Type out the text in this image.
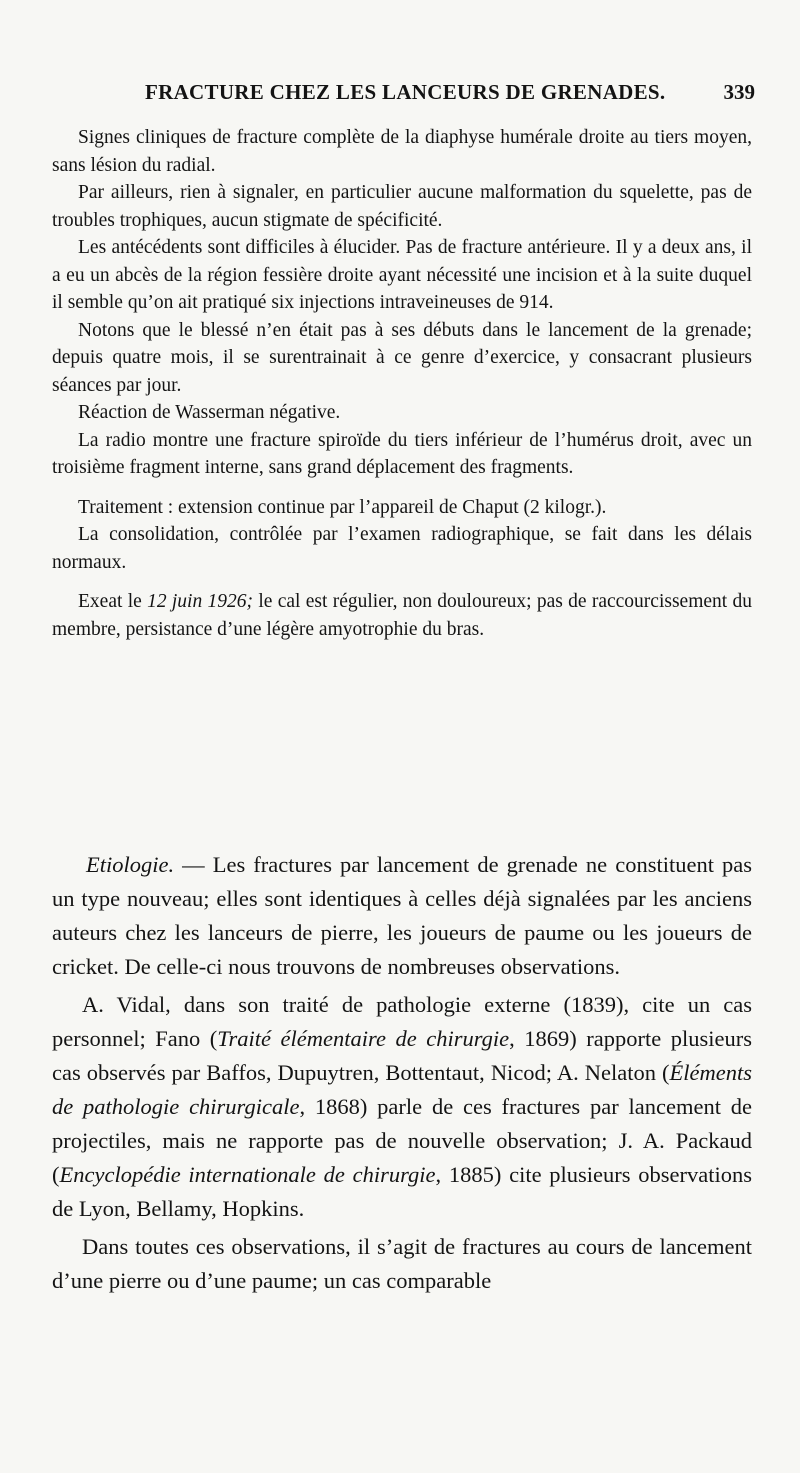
FRACTURE CHEZ LES LANCEURS DE GRENADES.	339

Signes cliniques de fracture complète de la diaphyse humérale droite au tiers moyen, sans lésion du radial.

Par ailleurs, rien à signaler, en particulier aucune malformation du squelette, pas de troubles trophiques, aucun stigmate de spécificité.

Les antécédents sont difficiles à élucider. Pas de fracture antérieure. Il y a deux ans, il a eu un abcès de la région fessière droite ayant nécessité une incision et à la suite duquel il semble qu’on ait pratiqué six injections intraveineuses de 914.

Notons que le blessé n’en était pas à ses débuts dans le lancement de la grenade; depuis quatre mois, il se surentrainait à ce genre d’exercice, y consacrant plusieurs séances par jour.

Réaction de Wasserman négative.

La radio montre une fracture spiroïde du tiers inférieur de l’humérus droit, avec un troisième fragment interne, sans grand déplacement des fragments.

Traitement : extension continue par l’appareil de Chaput (2 kilogr.).

La consolidation, contrôlée par l’examen radiographique, se fait dans les délais normaux.

Exeat le 12 juin 1926; le cal est régulier, non douloureux; pas de raccourcissement du membre, persistance d’une légère amyotrophie du bras.

Etiologie. — Les fractures par lancement de grenade ne constituent pas un type nouveau; elles sont identiques à celles déjà signalées par les anciens auteurs chez les lanceurs de pierre, les joueurs de paume ou les joueurs de cricket. De celle-ci nous trouvons de nombreuses observations.

A. Vidal, dans son traité de pathologie externe (1839), cite un cas personnel; Fano (Traité élémentaire de chirurgie, 1869) rapporte plusieurs cas observés par Baffos, Dupuytren, Bottentaut, Nicod; A. Nelaton (Éléments de pathologie chirurgicale, 1868) parle de ces fractures par lancement de projectiles, mais ne rapporte pas de nouvelle observation; J. A. Packaud (Encyclopédie internationale de chirurgie, 1885) cite plusieurs observations de Lyon, Bellamy, Hopkins.

Dans toutes ces observations, il s’agit de fractures au cours de lancement d’une pierre ou d’une paume; un cas comparable
